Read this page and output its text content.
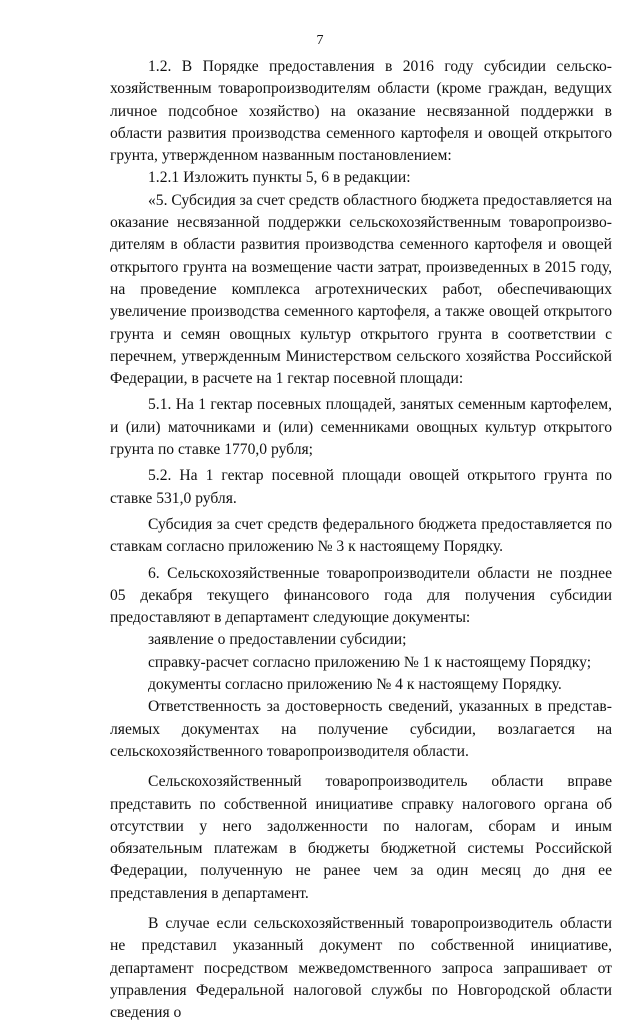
7

1.2. В Порядке предоставления в 2016 году субсидии сельскохозяйственным товаропроизводителям области (кроме граждан, ведущих личное подсобное хозяйство) на оказание несвязанной поддержки в области развития производства семенного картофеля и овощей открытого грунта, утвержденном названным постановлением:

1.2.1 Изложить пункты 5, 6 в редакции:

«5. Субсидия за счет средств областного бюджета предоставляется на оказание несвязанной поддержки сельскохозяйственным товаропроизводителям в области развития производства семенного картофеля и овощей открытого грунта на возмещение части затрат, произведенных в 2015 году, на проведение комплекса агротехнических работ, обеспечивающих увеличение производства семенного картофеля, а также овощей открытого грунта и семян овощных культур открытого грунта в соответствии с перечнем, утвержденным Министерством сельского хозяйства Российской Федерации, в расчете на 1 гектар посевной площади:

5.1. На 1 гектар посевных площадей, занятых семенным картофелем, и (или) маточниками и (или) семенниками овощных культур открытого грунта по ставке 1770,0 рубля;

5.2. На 1 гектар посевной площади овощей открытого грунта по ставке 531,0 рубля.

Субсидия за счет средств федерального бюджета предоставляется по ставкам согласно приложению № 3 к настоящему Порядку.

6. Сельскохозяйственные товаропроизводители области не позднее 05 декабря текущего финансового года для получения субсидии предоставляют в департамент следующие документы:

заявление о предоставлении субсидии;

справку-расчет согласно приложению № 1 к настоящему Порядку;

документы согласно приложению № 4 к настоящему Порядку.

Ответственность за достоверность сведений, указанных в представляемых документах на получение субсидии, возлагается на сельскохозяйственного товаропроизводителя области.

Сельскохозяйственный товаропроизводитель области вправе представить по собственной инициативе справку налогового органа об отсутствии у него задолженности по налогам, сборам и иным обязательным платежам в бюджеты бюджетной системы Российской Федерации, полученную не ранее чем за один месяц до дня ее представления в департамент.

В случае если сельскохозяйственный товаропроизводитель области не представил указанный документ по собственной инициативе, департамент посредством межведомственного запроса запрашивает от управления Федеральной налоговой службы по Новгородской области сведения о
